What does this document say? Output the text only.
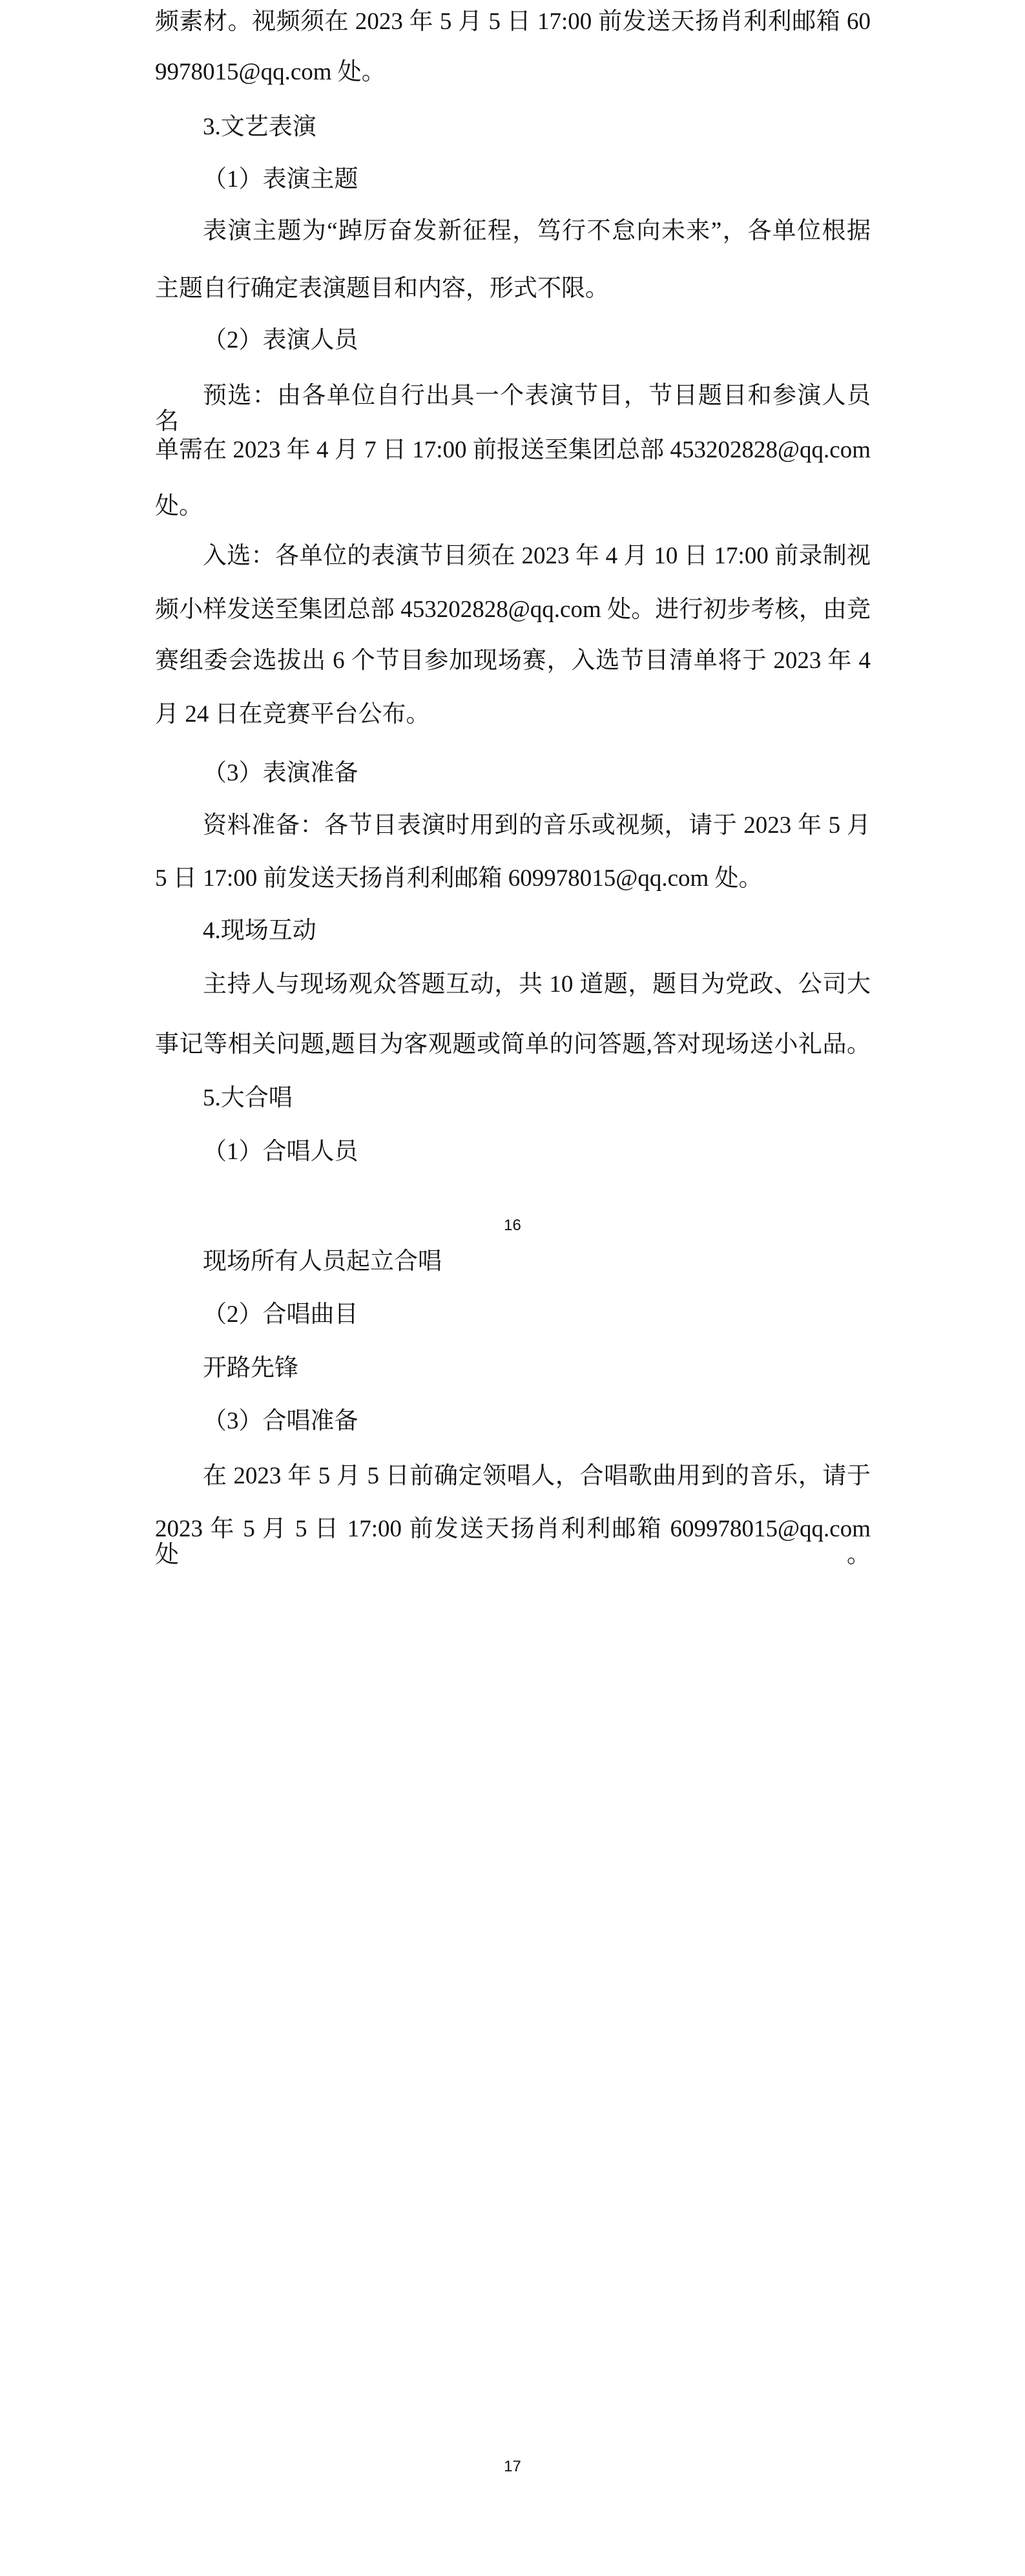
频素材。视频须在 2023 年 5 月 5 日 17:00 前发送天扬肖利利邮箱 60
9978015@qq.com 处。
3.文艺表演
（1）表演主题
表演主题为“踔厉奋发新征程，笃行不怠向未来”，各单位根据
主题自行确定表演题目和内容，形式不限。
（2）表演人员
预选：由各单位自行出具一个表演节目，节目题目和参演人员名
单需在 2023 年 4 月 7 日 17:00 前报送至集团总部 453202828@qq.com
处。
入选：各单位的表演节目须在 2023 年 4 月 10 日 17:00 前录制视
频小样发送至集团总部 453202828@qq.com 处。进行初步考核，由竞
赛组委会选拔出 6 个节目参加现场赛，入选节目清单将于 2023 年 4
月 24 日在竞赛平台公布。
（3）表演准备
资料准备：各节目表演时用到的音乐或视频，请于 2023 年 5 月
5 日 17:00 前发送天扬肖利利邮箱 609978015@qq.com 处。
4.现场互动
主持人与现场观众答题互动，共 10 道题，题目为党政、公司大
事记等相关问题,题目为客观题或简单的问答题,答对现场送小礼品。
5.大合唱
（1）合唱人员
16
现场所有人员起立合唱
（2）合唱曲目
开路先锋
（3）合唱准备
在 2023 年 5 月 5 日前确定领唱人，合唱歌曲用到的音乐，请于
2023 年 5 月 5 日 17:00 前发送天扬肖利利邮箱 609978015@qq.com 处。
17
